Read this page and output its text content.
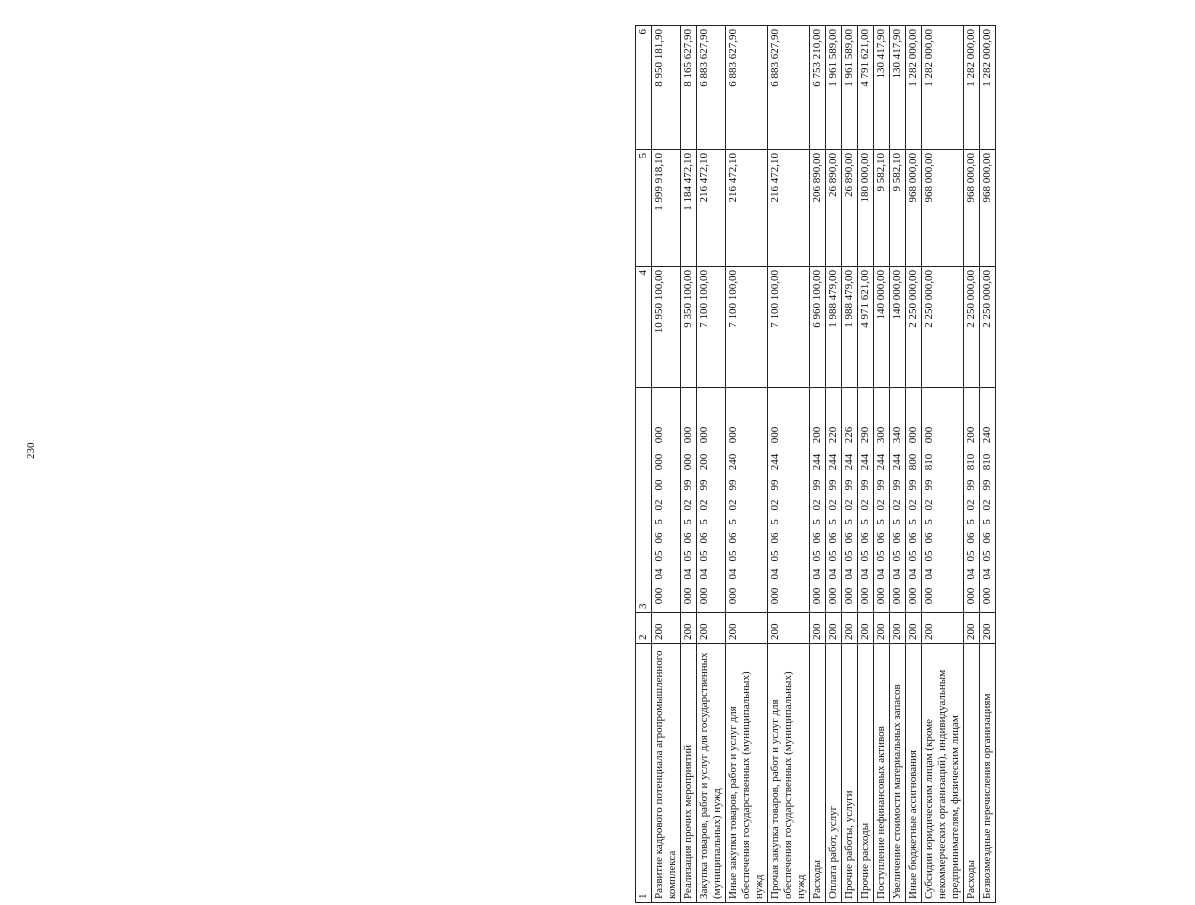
230
1	2	3	4	5	6
Развитие кадрового потенциала агропромышленного комплекса	200	00004050650200000000	10 950 100,00	1 999 918,10	8 950 181,90
Реализация прочих мероприятий	200	00004050650299000000	9 350 100,00	1 184 472,10	8 165 627,90
Закупка товаров, работ и услуг для государственных (муниципальных) нужд	200	00004050650299200000	7 100 100,00	216 472,10	6 883 627,90
Иные закупки товаров, работ и услуг для обеспечения государственных (муниципальных) нужд	200	00004050650299240000	7 100 100,00	216 472,10	6 883 627,90
Прочая закупка товаров, работ и услуг для обеспечения государственных (муниципальных) нужд	200	00004050650299244000	7 100 100,00	216 472,10	6 883 627,90
Расходы	200	00004050650299244200	6 960 100,00	206 890,00	6 753 210,00
Оплата работ, услуг	200	00004050650299244220	1 988 479,00	26 890,00	1 961 589,00
Прочие работы, услуги	200	00004050650299244226	1 988 479,00	26 890,00	1 961 589,00
Прочие расходы	200	00004050650299244290	4 971 621,00	180 000,00	4 791 621,00
Поступление нефинансовых активов	200	00004050650299244300	140 000,00	9 582,10	130 417,90
Увеличение стоимости материальных запасов	200	00004050650299244340	140 000,00	9 582,10	130 417,90
Иные бюджетные ассигнования	200	00004050650299800000	2 250 000,00	968 000,00	1 282 000,00
Субсидии юридическим лицам (кроме некоммерческих организаций), индивидуальным предпринимателям, физическим лицам	200	00004050650299810000	2 250 000,00	968 000,00	1 282 000,00
Расходы	200	00004050650299810200	2 250 000,00	968 000,00	1 282 000,00
Безвозмездные перечисления организациям	200	00004050650299810240	2 250 000,00	968 000,00	1 282 000,00
